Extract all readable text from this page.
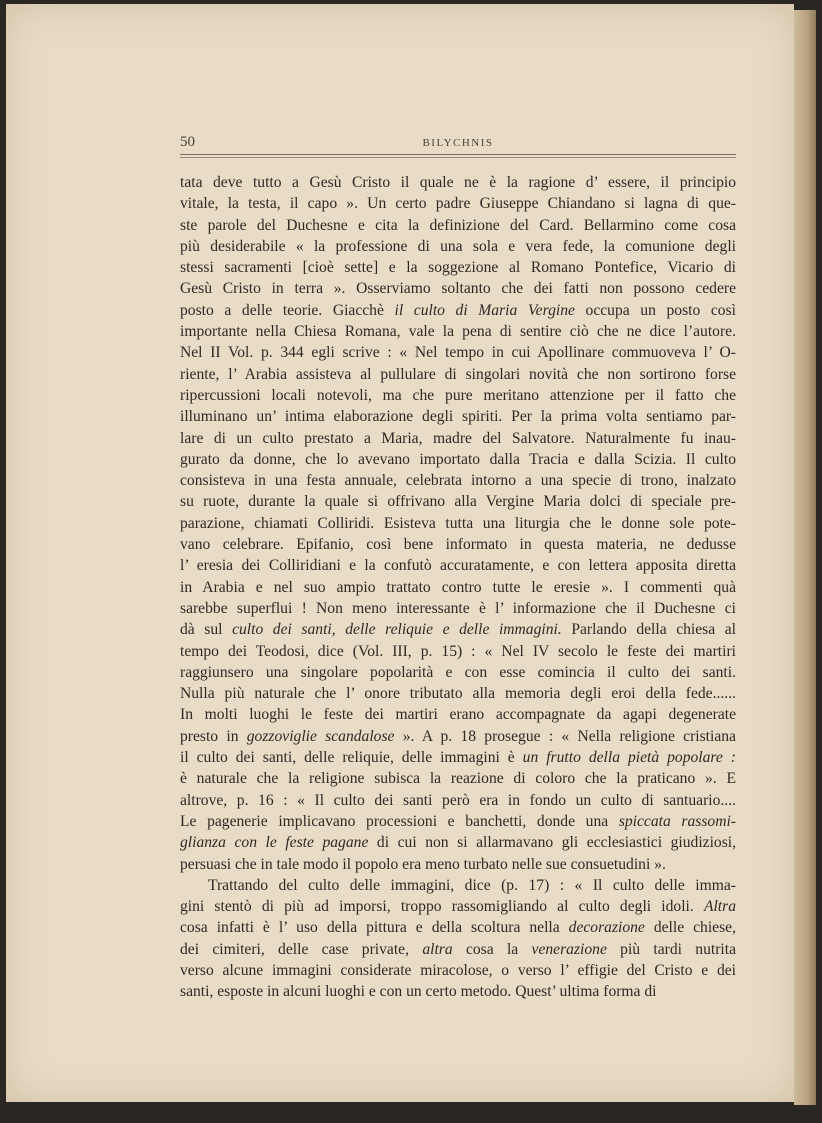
50	BILYCHNIS
tata deve tutto a Gesù Cristo il quale ne è la ragione d’ essere, il principio
vitale, la testa, il capo ». Un certo padre Giuseppe Chiandano si lagna di que-
ste parole del Duchesne e cita la definizione del Card. Bellarmino come cosa
più desiderabile « la professione di una sola e vera fede, la comunione degli
stessi sacramenti [cioè sette] e la soggezione al Romano Pontefice, Vicario di
Gesù Cristo in terra ». Osserviamo soltanto che dei fatti non possono cedere
posto a delle teorie. Giacchè il culto di Maria Vergine occupa un posto così
importante nella Chiesa Romana, vale la pena di sentire ciò che ne dice l’autore.
Nel II Vol. p. 344 egli scrive : « Nel tempo in cui Apollinare commuoveva l’ O-
riente, l’ Arabia assisteva al pullulare di singolari novità che non sortirono forse
ripercussioni locali notevoli, ma che pure meritano attenzione per il fatto che
illuminano un’ intima elaborazione degli spiriti. Per la prima volta sentiamo par-
lare di un culto prestato a Maria, madre del Salvatore. Naturalmente fu inau-
gurato da donne, che lo avevano importato dalla Tracia e dalla Scizia. Il culto
consisteva in una festa annuale, celebrata intorno a una specie di trono, inalzato
su ruote, durante la quale si offrivano alla Vergine Maria dolci di speciale pre-
parazione, chiamati Colliridi. Esisteva tutta una liturgia che le donne sole pote-
vano celebrare. Epifanio, così bene informato in questa materia, ne dedusse
l’ eresia dei Colliridiani e la confutò accuratamente, e con lettera apposita diretta
in Arabia e nel suo ampio trattato contro tutte le eresie ». I commenti quà
sarebbe superflui ! Non meno interessante è l’ informazione che il Duchesne ci
dà sul culto dei santi, delle reliquie e delle immagini. Parlando della chiesa al
tempo dei Teodosi, dice (Vol. III, p. 15) : « Nel IV secolo le feste dei martiri
raggiunsero una singolare popolarità e con esse comincia il culto dei santi.
Nulla più naturale che l’ onore tributato alla memoria degli eroi della fede......
In molti luoghi le feste dei martiri erano accompagnate da agapi degenerate
presto in gozzoviglie scandalose ». A p. 18 prosegue : « Nella religione cristiana
il culto dei santi, delle reliquie, delle immagini è un frutto della pietà popolare :
è naturale che la religione subisca la reazione di coloro che la praticano ». E
altrove, p. 16 : « Il culto dei santi però era in fondo un culto di santuario....
Le pagenerie implicavano processioni e banchetti, donde una spiccata rassomi-
glianza con le feste pagane di cui non si allarmavano gli ecclesiastici giudiziosi,
persuasi che in tale modo il popolo era meno turbato nelle sue consuetudini ».
Trattando del culto delle immagini, dice (p. 17) : « Il culto delle imma-
gini stentò di più ad imporsi, troppo rassomigliando al culto degli idoli. Altra
cosa infatti è l’ uso della pittura e della scoltura nella decorazione delle chiese,
dei cimiteri, delle case private, altra cosa la venerazione più tardi nutrita
verso alcune immagini considerate miracolose, o verso l’ effigie del Cristo e dei
santi, esposte in alcuni luoghi e con un certo metodo. Quest’ ultima forma di
